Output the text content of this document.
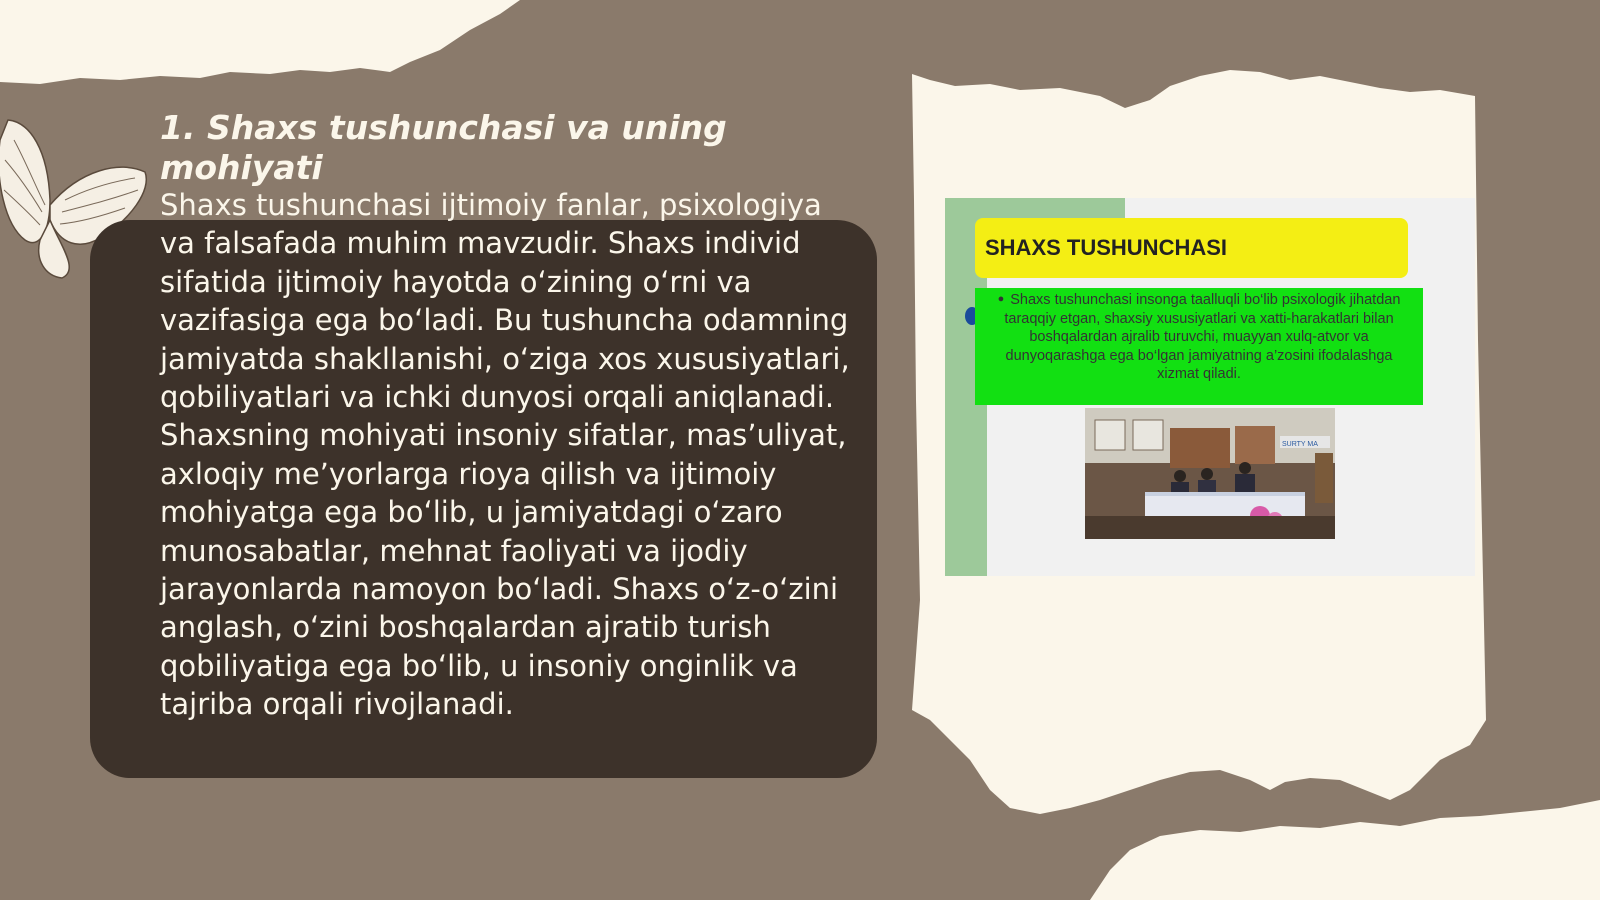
1. Shaxs tushunchasi va uning mohiyati

Shaxs tushunchasi ijtimoiy fanlar, psixologiya va falsafada muhim mavzudir. Shaxs individ sifatida ijtimoiy hayotda o‘zining o‘rni va vazifasiga ega bo‘ladi. Bu tushuncha odamning jamiyatda shakllanishi, o‘ziga xos xususiyatlari, qobiliyatlari va ichki dunyosi orqali aniqlanadi. Shaxsning mohiyati insoniy sifatlar, mas’uliyat, axloqiy me’yorlarga rioya qilish va ijtimoiy mohiyatga ega bo‘lib, u jamiyatdagi o‘zaro munosabatlar, mehnat faoliyati va ijodiy jarayonlarda namoyon bo‘ladi. Shaxs o‘z-o‘zini anglash, o‘zini boshqalardan ajratib turish qobiliyatiga ega bo‘lib, u insoniy onginlik va tajriba orqali rivojlanadi.

SHAXS TUSHUNCHASI
● Shaxs tushunchasi insonga taalluqli bo‘lib psixologik jihatdan taraqqiy etgan, shaxsiy xususiyatlari va xatti-harakatlari bilan boshqalardan ajralib turuvchi, muayyan xulq-atvor va dunyoqarashga ega bo‘lgan jamiyatning a’zosini ifodalashga xizmat qiladi.
SURTY MA
